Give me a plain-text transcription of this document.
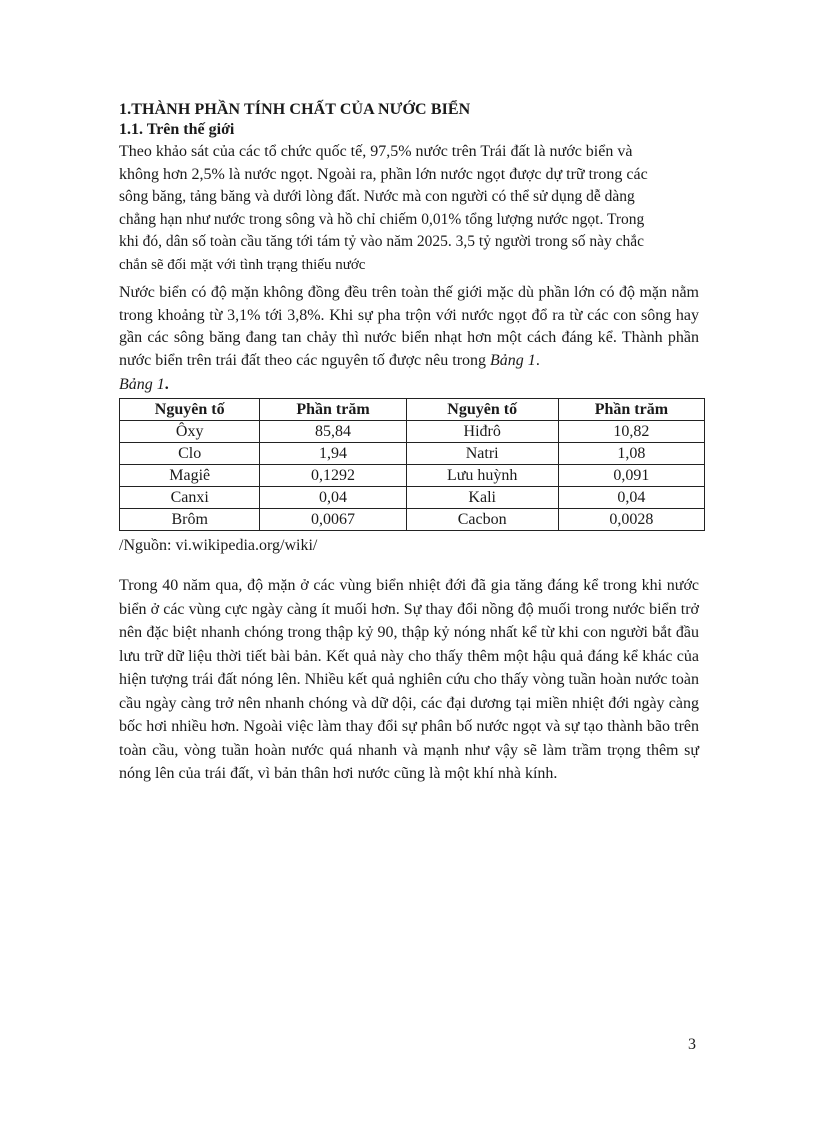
1.THÀNH PHẦN TÍNH CHẤT CỦA NƯỚC BIỂN

1.1. Trên thế giới

Theo khảo sát của các tổ chức quốc tế, 97,5% nước trên Trái đất là nước biển và
không hơn 2,5% là nước ngọt. Ngoài ra, phần lớn nước ngọt được dự trữ trong các
sông băng, tảng băng và dưới lòng đất. Nước mà con người có thể sử dụng dễ dàng
chẳng hạn như nước trong sông và hồ chỉ chiếm 0,01% tổng lượng nước ngọt. Trong
khi đó, dân số toàn cầu tăng tới tám tỷ vào năm 2025. 3,5 tỷ người trong số này chắc
chắn sẽ đối mặt với tình trạng thiếu nước

Nước biển có độ mặn không đồng đều trên toàn thế giới mặc dù phần lớn có độ mặn nằm trong khoảng từ 3,1% tới 3,8%. Khi sự pha trộn với nước ngọt đổ ra từ các con sông hay gần các sông băng đang tan chảy thì nước biển nhạt hơn một cách đáng kể. Thành phần nước biển trên trái đất theo các nguyên tố được nêu trong Bảng 1.

Bảng 1.

Nguyên tố	Phần trăm	Nguyên tố	Phần trăm
Ôxy	85,84	Hiđrô	10,82
Clo	1,94	Natri	1,08
Magiê	0,1292	Lưu huỳnh	0,091
Canxi	0,04	Kali	0,04
Brôm	0,0067	Cacbon	0,0028

/Nguồn: vi.wikipedia.org/wiki/

Trong 40 năm qua, độ mặn ở các vùng biển nhiệt đới đã gia tăng đáng kể trong khi nước biển ở các vùng cực ngày càng ít muối hơn. Sự thay đổi nồng độ muối trong nước biển trở nên đặc biệt nhanh chóng trong thập kỷ 90, thập kỷ nóng nhất kể từ khi con người bắt đầu lưu trữ dữ liệu thời tiết bài bản. Kết quả này cho thấy thêm một hậu quả đáng kể khác của hiện tượng trái đất nóng lên. Nhiều kết quả nghiên cứu cho thấy vòng tuần hoàn nước toàn cầu ngày càng trở nên nhanh chóng và dữ dội, các đại dương tại miền nhiệt đới ngày càng bốc hơi nhiều hơn. Ngoài việc làm thay đổi sự phân bố nước ngọt và sự tạo thành bão trên toàn cầu, vòng tuần hoàn nước quá nhanh và mạnh như vậy sẽ làm trầm trọng thêm sự nóng lên của trái đất, vì bản thân hơi nước cũng là một khí nhà kính.

3
